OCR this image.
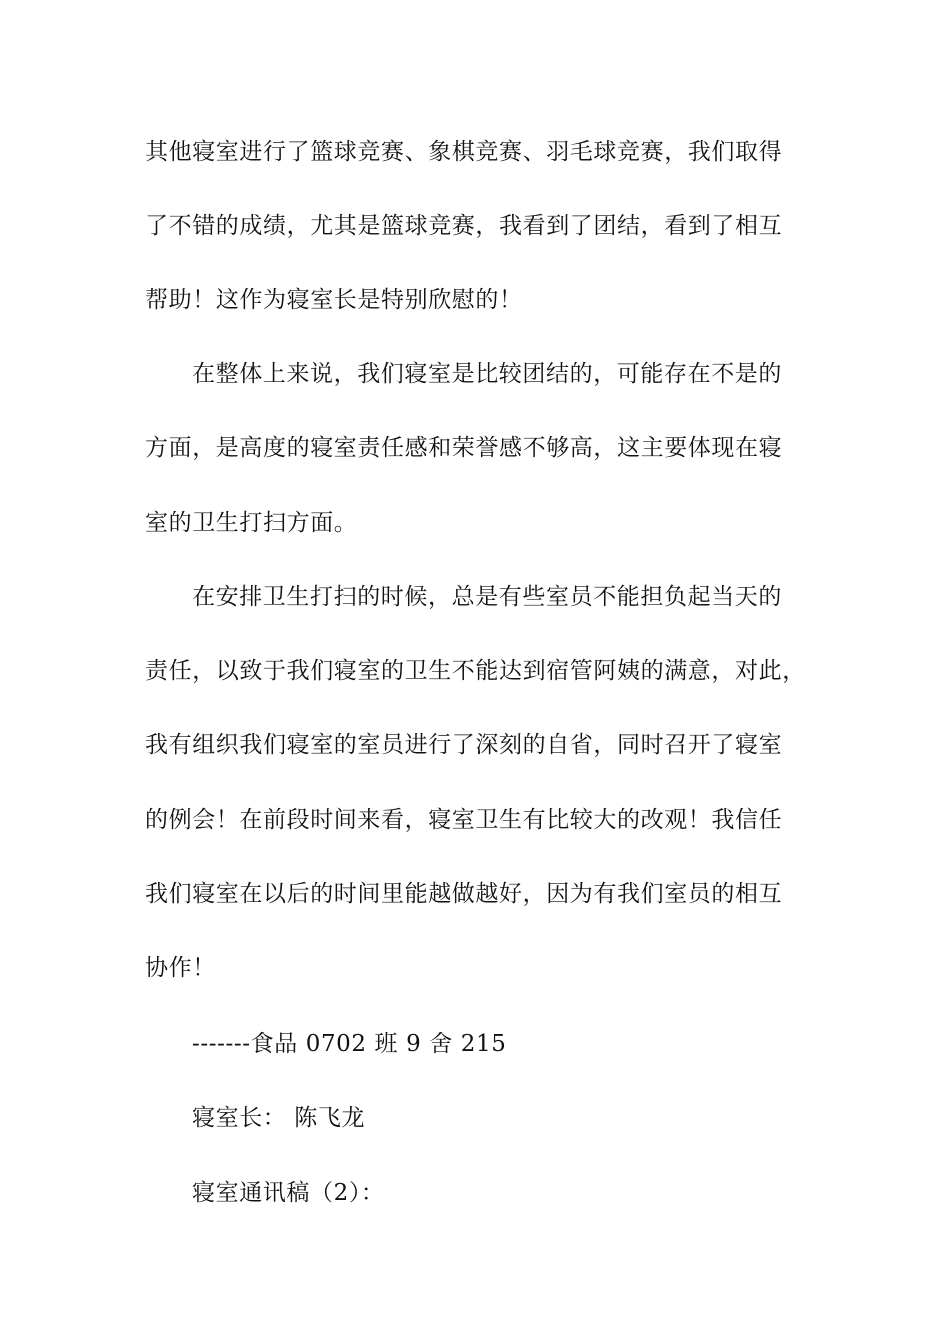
其他寝室进行了篮球竞赛、象棋竞赛、羽毛球竞赛，我们取得
了不错的成绩，尤其是篮球竞赛，我看到了团结，看到了相互
帮助！这作为寝室长是特别欣慰的！
在整体上来说，我们寝室是比较团结的，可能存在不是的
方面，是高度的寝室责任感和荣誉感不够高，这主要体现在寝
室的卫生打扫方面。
在安排卫生打扫的时候，总是有些室员不能担负起当天的
责任，以致于我们寝室的卫生不能达到宿管阿姨的满意，对此，
我有组织我们寝室的室员进行了深刻的自省，同时召开了寝室
的例会！在前段时间来看，寝室卫生有比较大的改观！我信任
我们寝室在以后的时间里能越做越好，因为有我们室员的相互
协作！
-------食品 0702 班 9 舍 215
寝室长： 陈飞龙
寝室通讯稿（2）：
